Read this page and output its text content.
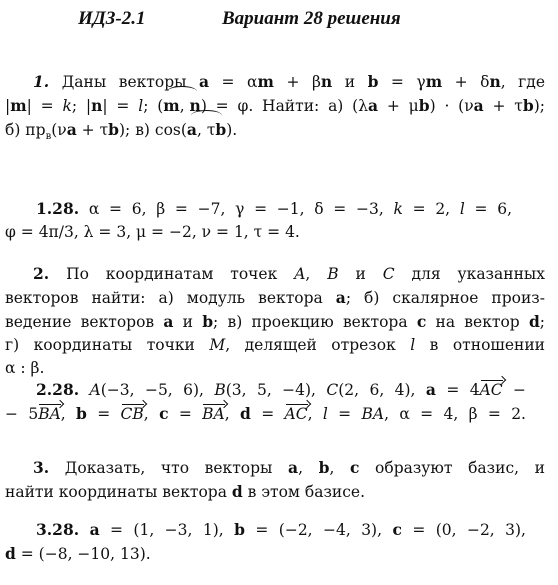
ИДЗ-2.1	Вариант 28 решения
1. Даны векторы a = αm + βn и b = γm + δn, где
|m| = k; |n| = l; (m, n) = φ. Найти: а) (λa + μb) · (νa + τb);
б) $пр_в(\nu a + \tau b)$; в) cos(a, τb).
1.28. α = 6, β = −7, γ = −1, δ = −3, k = 2, l = 6,
φ = 4π/3, λ = 3, μ = −2, ν = 1, τ = 4.
2. По координатам точек A, B и C для указанных
векторов найти: а) модуль вектора a; б) скалярное произ-
ведение векторов a и b; в) проекцию вектора c на вектор d;
г) координаты точки M, делящей отрезок l в отношении
α : β.
2.28. A(−3, −5, 6), B(3, 5, −4), C(2, 6, 4), a = 4AC −
− 5BA, b = CB, c = BA, d = AC, l = BA, α = 4, β = 2.
3. Доказать, что векторы a, b, c образуют базис, и
найти координаты вектора d в этом базисе.
3.28. a = (1, −3, 1), b = (−2, −4, 3), c = (0, −2, 3),
d = (−8, −10, 13).
